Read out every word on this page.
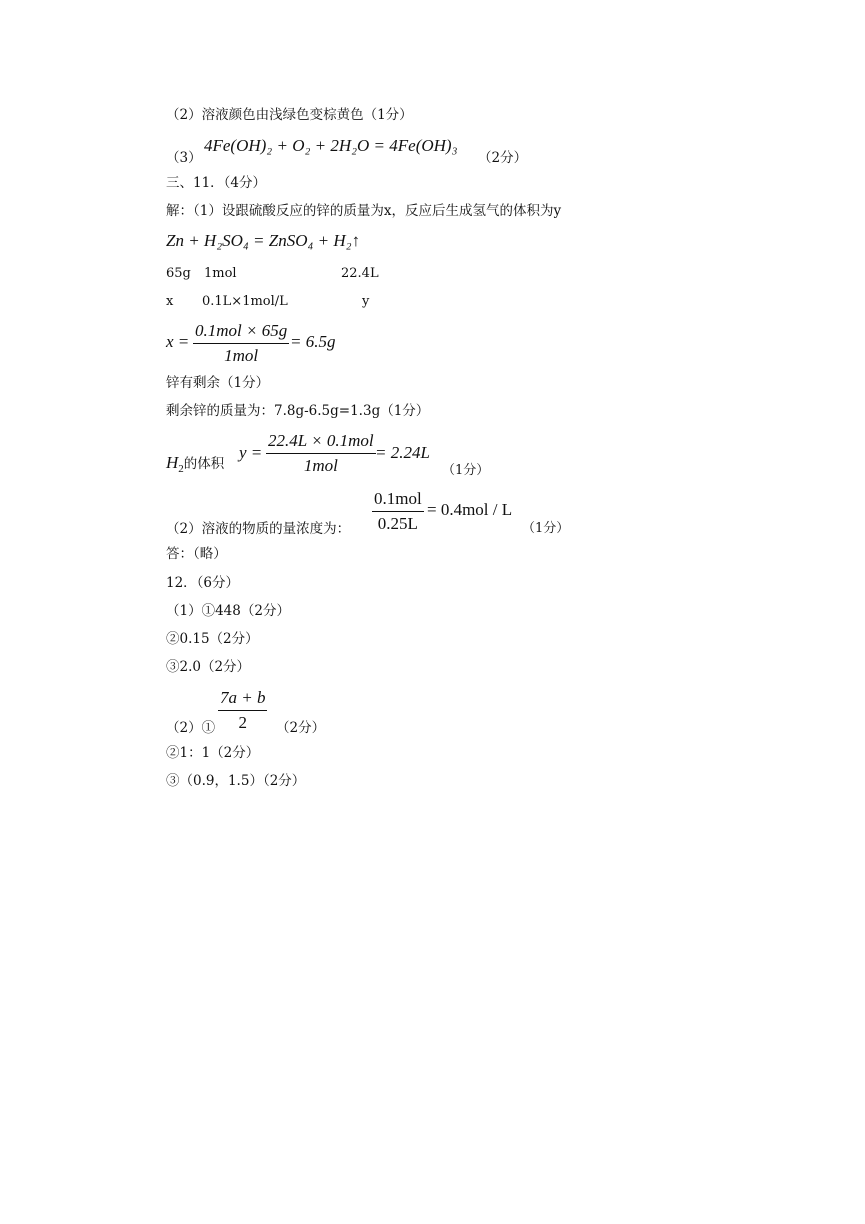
（2）溶液颜色由浅绿色变棕黄色（1分）
（3）
4Fe(OH)₂ + O₂ + 2H₂O = 4Fe(OH)₃
（2分）
三、11．（4分）
解：（1）设跟硫酸反应的锌的质量为x，反应后生成氢气的体积为y
Zn + H₂SO₄ = ZnSO₄ + H₂↑
65g 1mol	22.4L
x 0.1L×1mol/L	y
x =
0.1mol × 65g
1mol
= 6.5g
锌有剩余（1分）
剩余锌的质量为：7.8g-6.5g=1.3g（1分）
$H_2$的体积
y =
22.4L × 0.1mol
1mol
= 2.24L
（1分）
（2）溶液的物质的量浓度为：
0.1mol
0.25L
= 0.4mol / L
（1分）
答：（略）
12．（6分）
（1）①448（2分）
②0.15（2分）
③2.0（2分）
（2）① $\frac{7a + b}{2} (2$分）
②1：1（2分）
③（0.9，1.5）（2分）
